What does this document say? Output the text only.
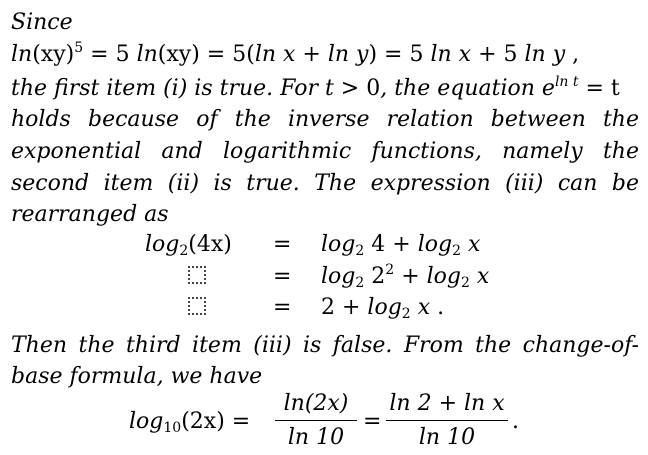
Since
ln(xy)$^5$ = 5 ln(xy) = 5(ln x + ln y) = 5 ln x + 5 ln y ,
the first item (i) is true. For t > 0, the equation $e^{ln t} = t$
holds because of the inverse relation between the
exponential and logarithmic functions, namely the
second item (ii) is true. The expression (iii) can be
rearranged as
$\log_2(4x) = \log_2 4 + \log_2 x$
= $\log_2 2^2 + \log_2 x$
= $2 + \log_2 x$ .
Then the third item (iii) is false. From the change-of-
base formula, we have
$\log_{10}(2x)$ =
ln(2x)
ln 10
=
ln 2 + ln x
ln 10
.
